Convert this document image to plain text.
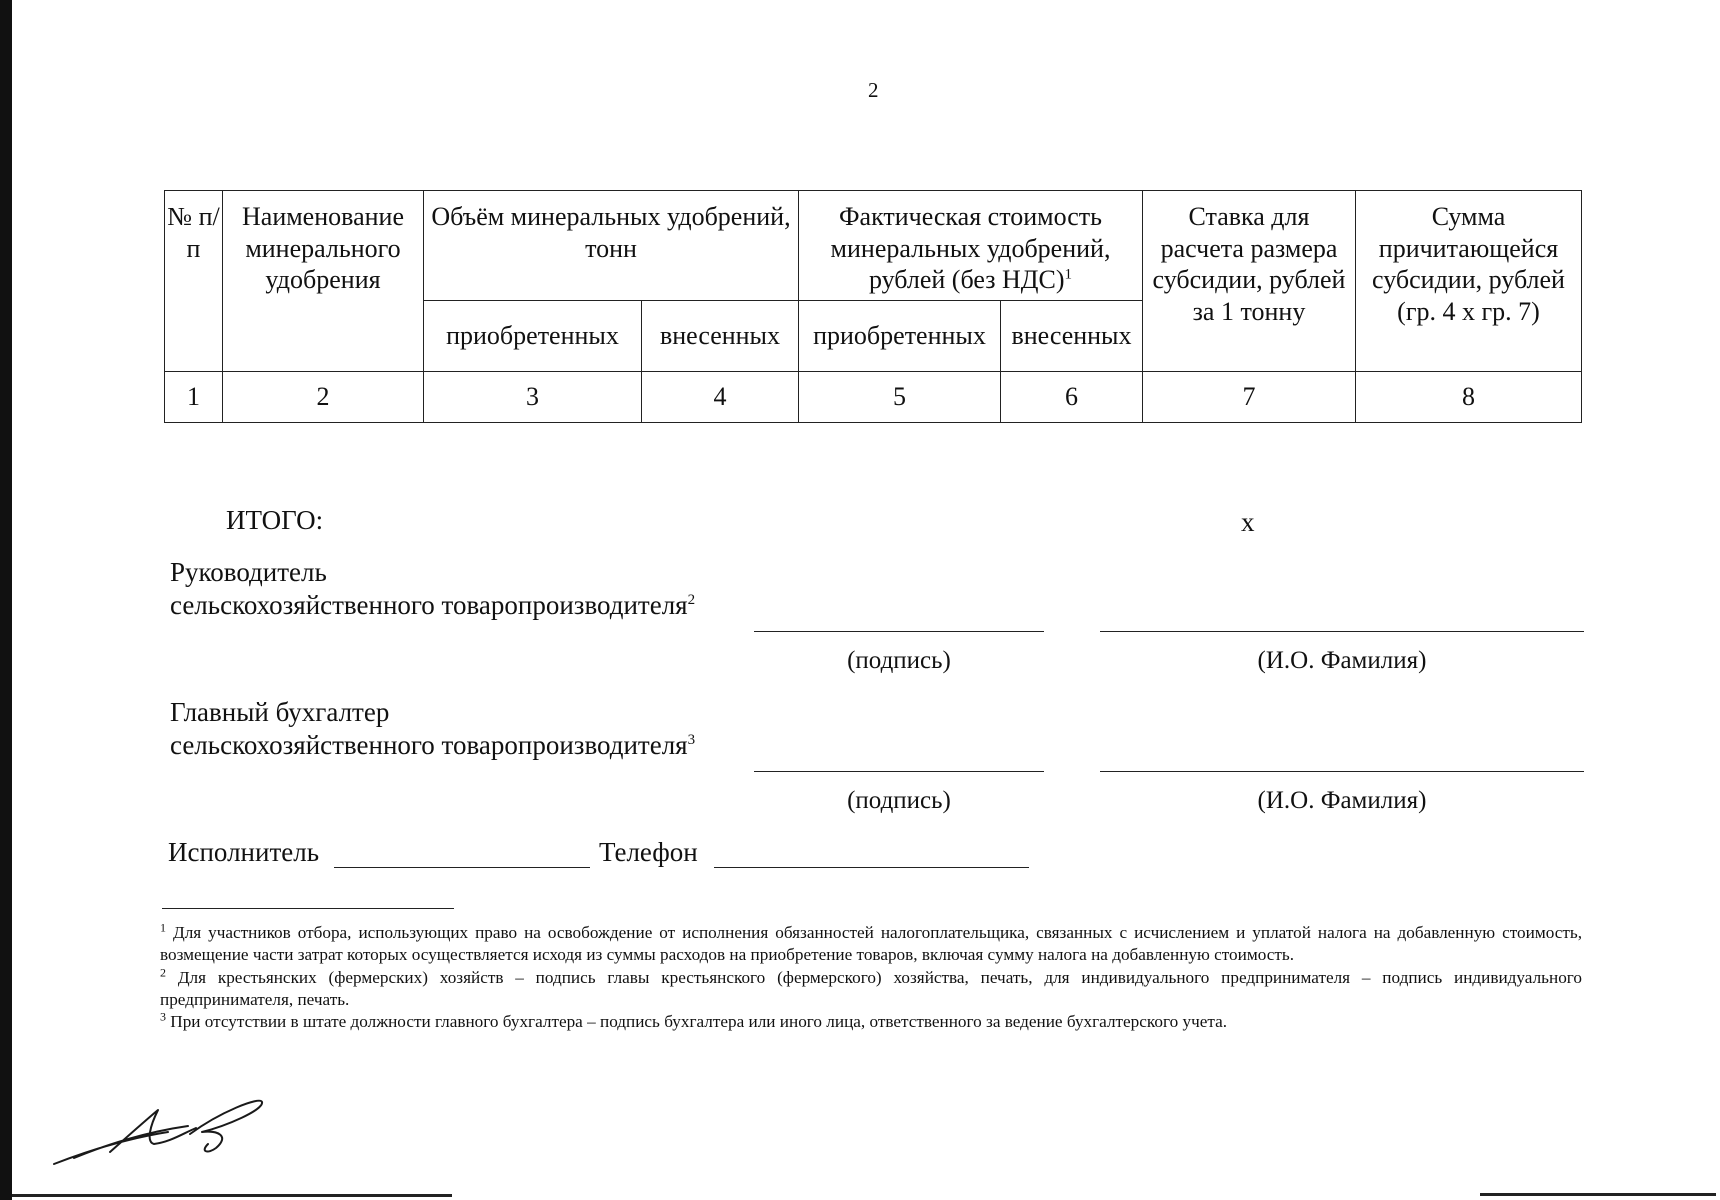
2
№ п/п	Наименование минерального удобрения	Объём минеральных удобрений, тонн		Фактическая стоимость минеральных удобрений, рублей (без НДС)$^1$		Ставка для расчета размера субсидии, рублей за 1 тонну	Сумма причитающейся субсидии, рублей (гр. 4 х гр. 7)
		приобретенных	внесенных	приобретенных	внесенных		
1	2	3	4	5	6	7	8
ИТОГО:	х
Руководитель
сельскохозяйственного товаропроизводителя$^2$
(подпись)	(И.О. Фамилия)
Главный бухгалтер
сельскохозяйственного товаропроизводителя$^3$
(подпись)	(И.О. Фамилия)
Исполнитель	Телефон

$^1$ Для участников отбора, использующих право на освобождение от исполнения обязанностей налогоплательщика, связанных с исчислением и уплатой налога на добавленную стоимость, возмещение части затрат которых осуществляется исходя из суммы расходов на приобретение товаров, включая сумму налога на добавленную стоимость.

$^2$ Для крестьянских (фермерских) хозяйств – подпись главы крестьянского (фермерского) хозяйства, печать, для индивидуального предпринимателя – подпись индивидуального предпринимателя, печать.

$^3$ При отсутствии в штате должности главного бухгалтера – подпись бухгалтера или иного лица, ответственного за ведение бухгалтерского учета.
